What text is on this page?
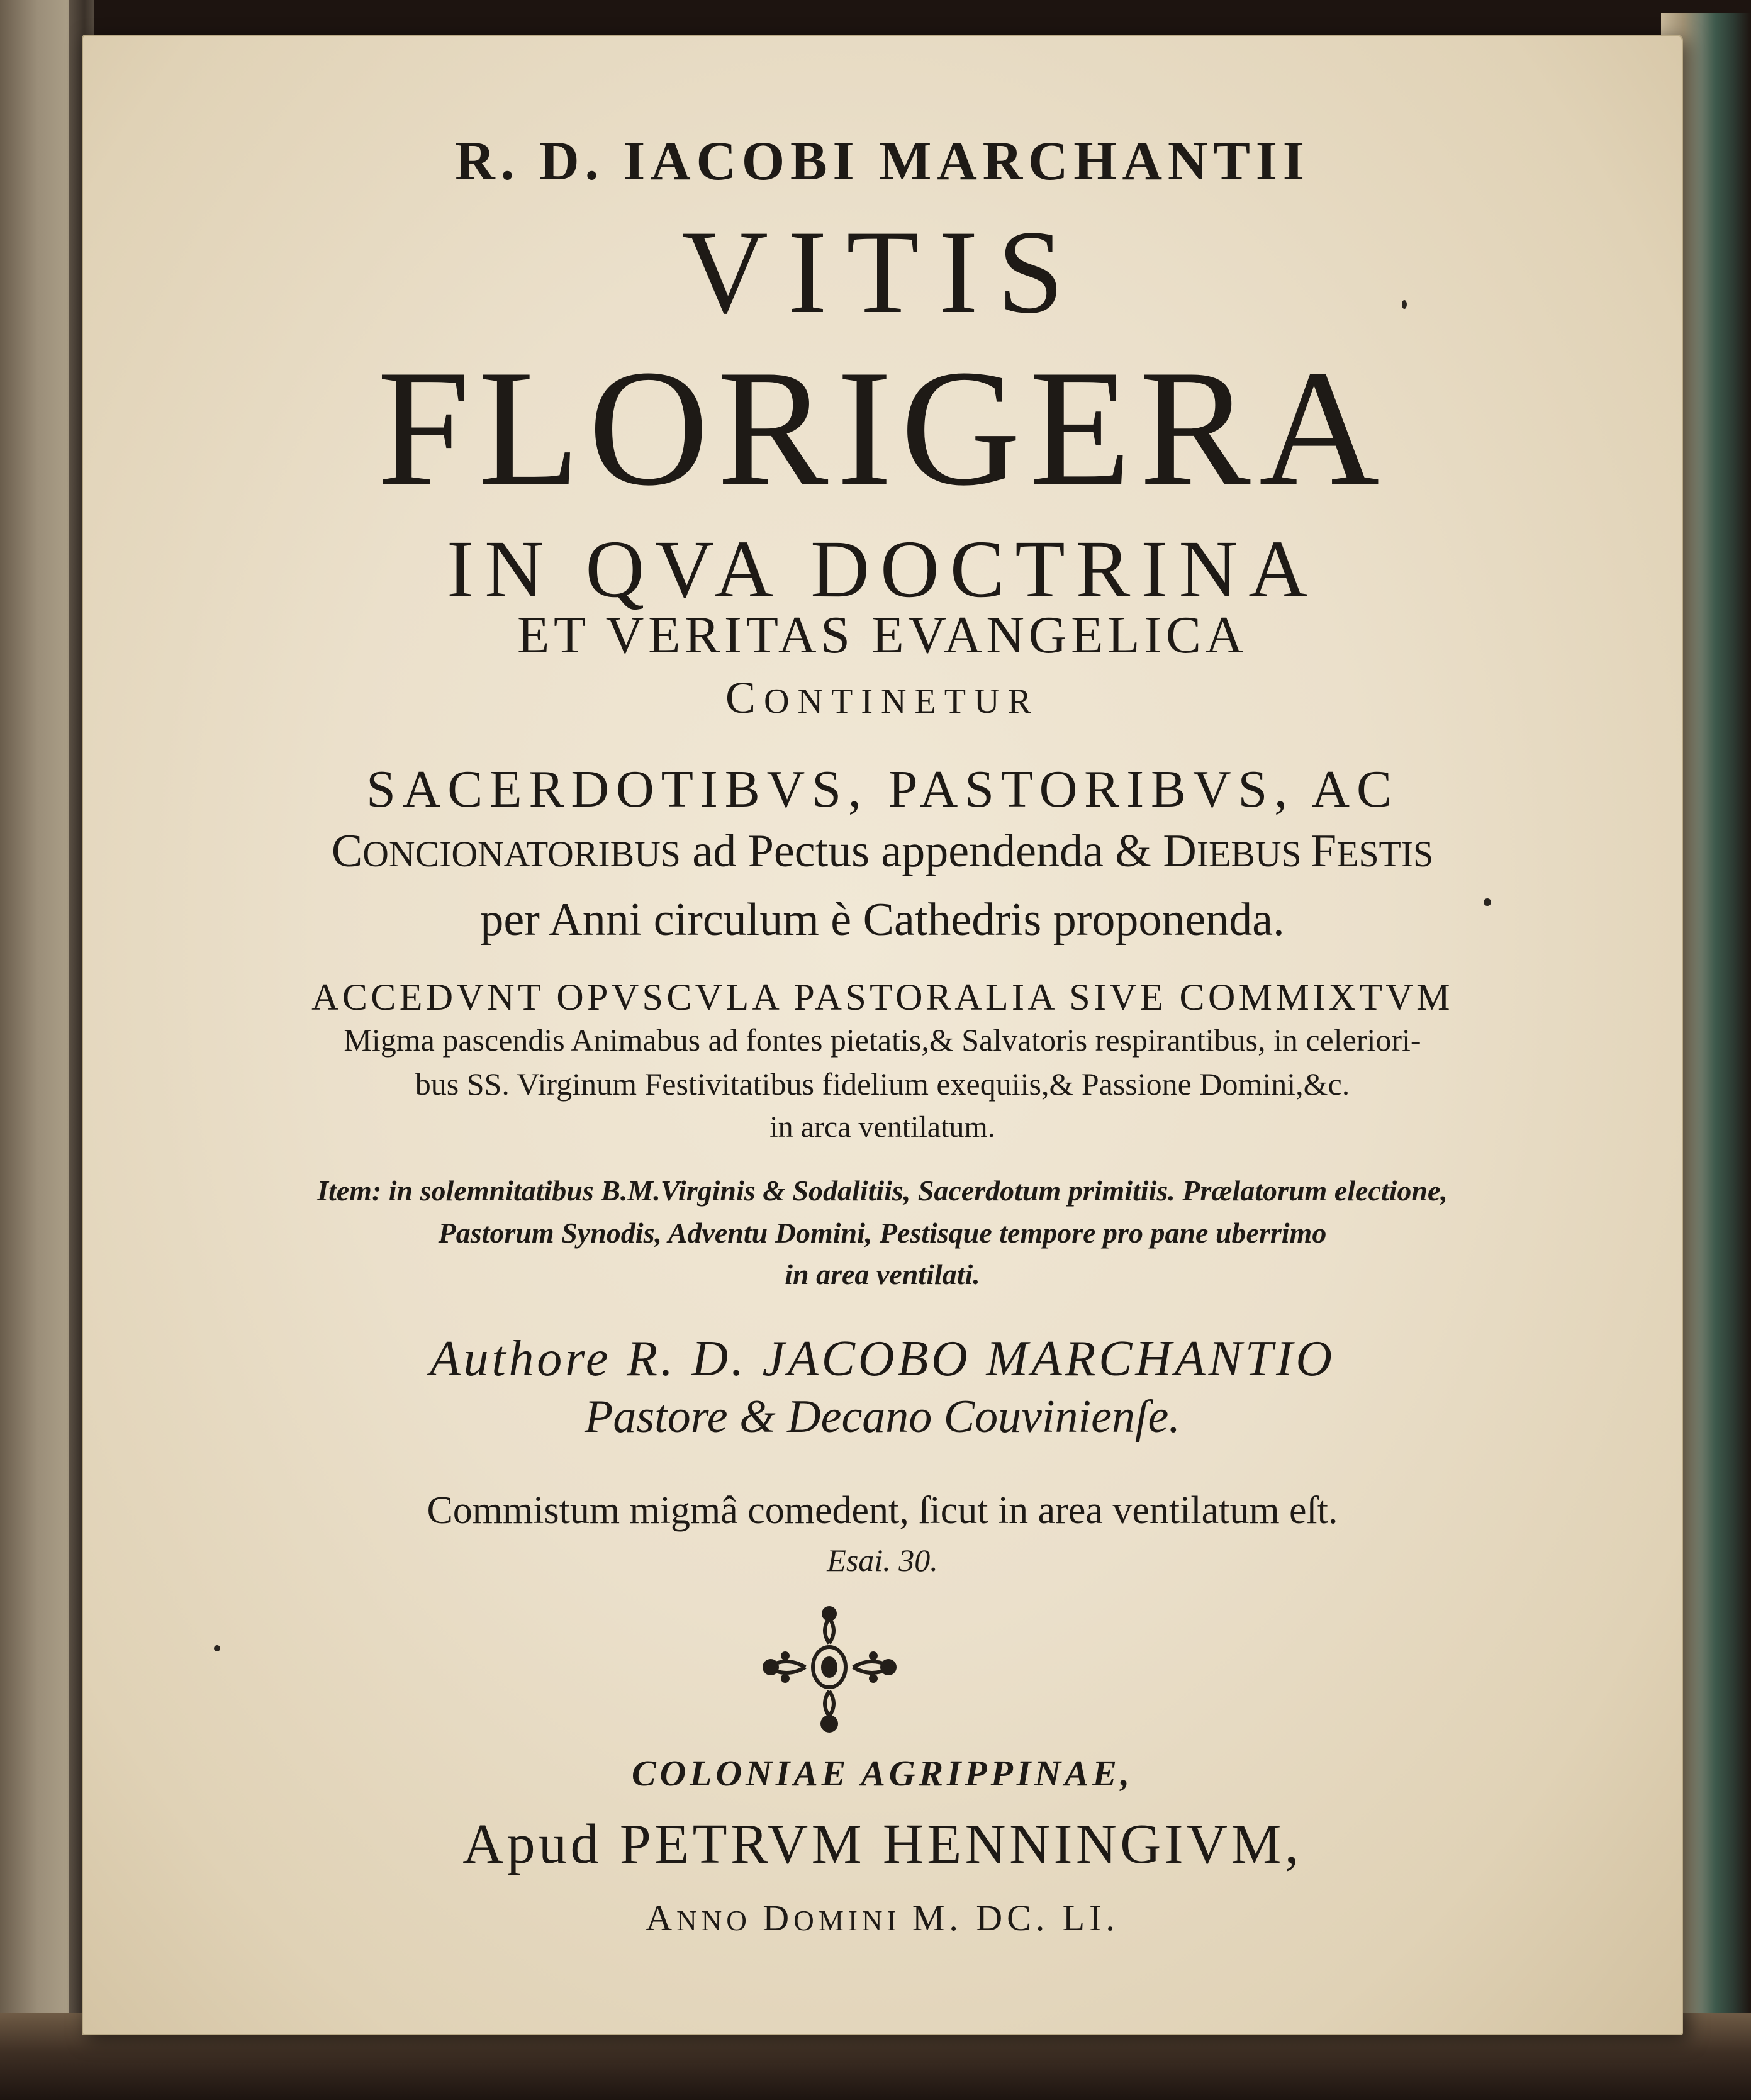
R. D. IACOBI MARCHANTII
VITIS
FLORIGERA
IN QVA DOCTRINA
ET VERITAS EVANGELICA
CONTINETUR
SACERDOTIBVS, PASTORIBVS, AC
CONCIONATORIBUS ad Pectus appendenda & DIEBUS FESTIS
per Anni circulum è Cathedris proponenda.
ACCEDVNT OPVSCVLA PASTORALIA SIVE COMMIXTVM
Migma pascendis Animabus ad fontes pietatis,& Salvatoris respirantibus, in celeriori-
bus SS. Virginum Festivitatibus fidelium exequiis,& Passione Domini,&c.
in arca ventilatum.
Item: in solemnitatibus B.M.Virginis & Sodalitiis, Sacerdotum primitiis. Prælatorum electione,
Pastorum Synodis, Adventu Domini, Pestisque tempore pro pane uberrimo
in area ventilati.
Authore R. D. JACOBO MARCHANTIO
Pastore & Decano Couvinienſe.
Commistum migmâ comedent, ſicut in area ventilatum eſt.
Esai. 30.
COLONIAE AGRIPPINAE,
Apud PETRVM HENNINGIVM,
ANNO DOMINI M. DC. LI.
